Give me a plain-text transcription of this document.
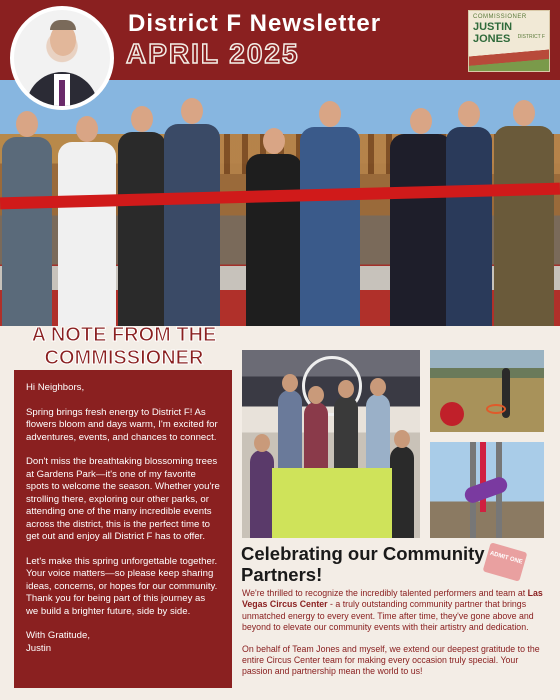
District F Newsletter
APRIL 2025
COMMISSIONER
JUSTIN JONES	DISTRICT F
A NOTE FROM THE COMMISSIONER

Hi Neighbors,

Spring brings fresh energy to District F! As flowers bloom and days warm, I'm excited for adventures, events, and chances to connect.

Don't miss the breathtaking blossoming trees at Gardens Park—it's one of my favorite spots to welcome the season. Whether you're strolling there, exploring our other parks, or attending one of the many incredible events across the district, this is the perfect time to get out and enjoy all District F has to offer.

Let's make this spring unforgettable together. Your voice matters—so please keep sharing ideas, concerns, or hopes for our community. Thank you for being part of this journey as we build a brighter future, side by side.

With Gratitude,

Justin

Celebrating our Community Partners!
ADMIT ONE

We're thrilled to recognize the incredibly talented performers and team at Las Vegas Circus Center - a truly outstanding community partner that brings unmatched energy to every event. Time after time, they've gone above and beyond to elevate our community events with their artistry and dedication.

On behalf of Team Jones and myself, we extend our deepest gratitude to the entire Circus Center team for making every occasion truly special. Your passion and partnership mean the world to us!
